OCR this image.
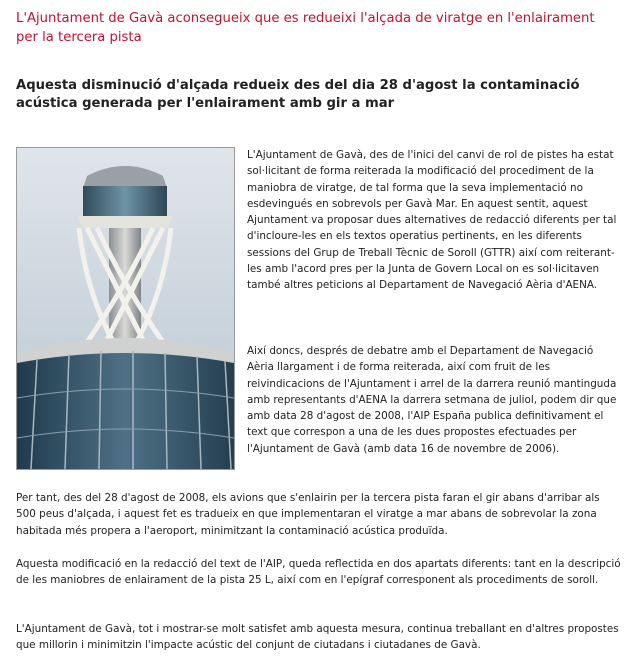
L'Ajuntament de Gavà aconsegueix que es redueixi l'alçada de viratge en l'enlairament per la tercera pista
Aquesta disminució d'alçada redueix des del dia 28 d'agost la contaminació acústica generada per l'enlairament amb gir a mar

L'Ajuntament de Gavà, des de l'inici del canvi de rol de pistes ha estat sol·licitant de forma reiterada la modificació del procediment de la maniobra de viratge, de tal forma que la seva implementació no esdevingués en sobrevols per Gavà Mar. En aquest sentit, aquest Ajuntament va proposar dues alternatives de redacció diferents per tal d'incloure-les en els textos operatius pertinents, en les diferents sessions del Grup de Treball Tècnic de Soroll (GTTR) així com reiterant-les amb l'acord pres per la Junta de Govern Local on es sol·licitaven també altres peticions al Departament de Navegació Aèria d'AENA.

Així doncs, després de debatre amb el Departament de Navegació Aèria llargament i de forma reiterada, així com fruit de les reivindicacions de l'Ajuntament i arrel de la darrera reunió mantinguda amb representants d'AENA la darrera setmana de juliol, podem dir que amb data 28 d'agost de 2008, l'AIP España publica definitivament el text que correspon a una de les dues propostes efectuades per l'Ajuntament de Gavà (amb data 16 de novembre de 2006).

Per tant, des del 28 d'agost de 2008, els avions que s'enlairin per la tercera pista faran el gir abans d'arribar als 500 peus d'alçada, i aquest fet es tradueix en que implementaran el viratge a mar abans de sobrevolar la zona habitada més propera a l'aeroport, minimitzant la contaminació acústica produïda.

Aquesta modificació en la redacció del text de l'AIP, queda reflectida en dos apartats diferents: tant en la descripció de les maniobres de enlairament de la pista 25 L, així com en l'epígraf corresponent als procediments de soroll.

L'Ajuntament de Gavà, tot i mostrar-se molt satisfet amb aquesta mesura, continua treballant en d'altres propostes que millorin i minimitzin l'impacte acústic del conjunt de ciutadans i ciutadanes de Gavà.
